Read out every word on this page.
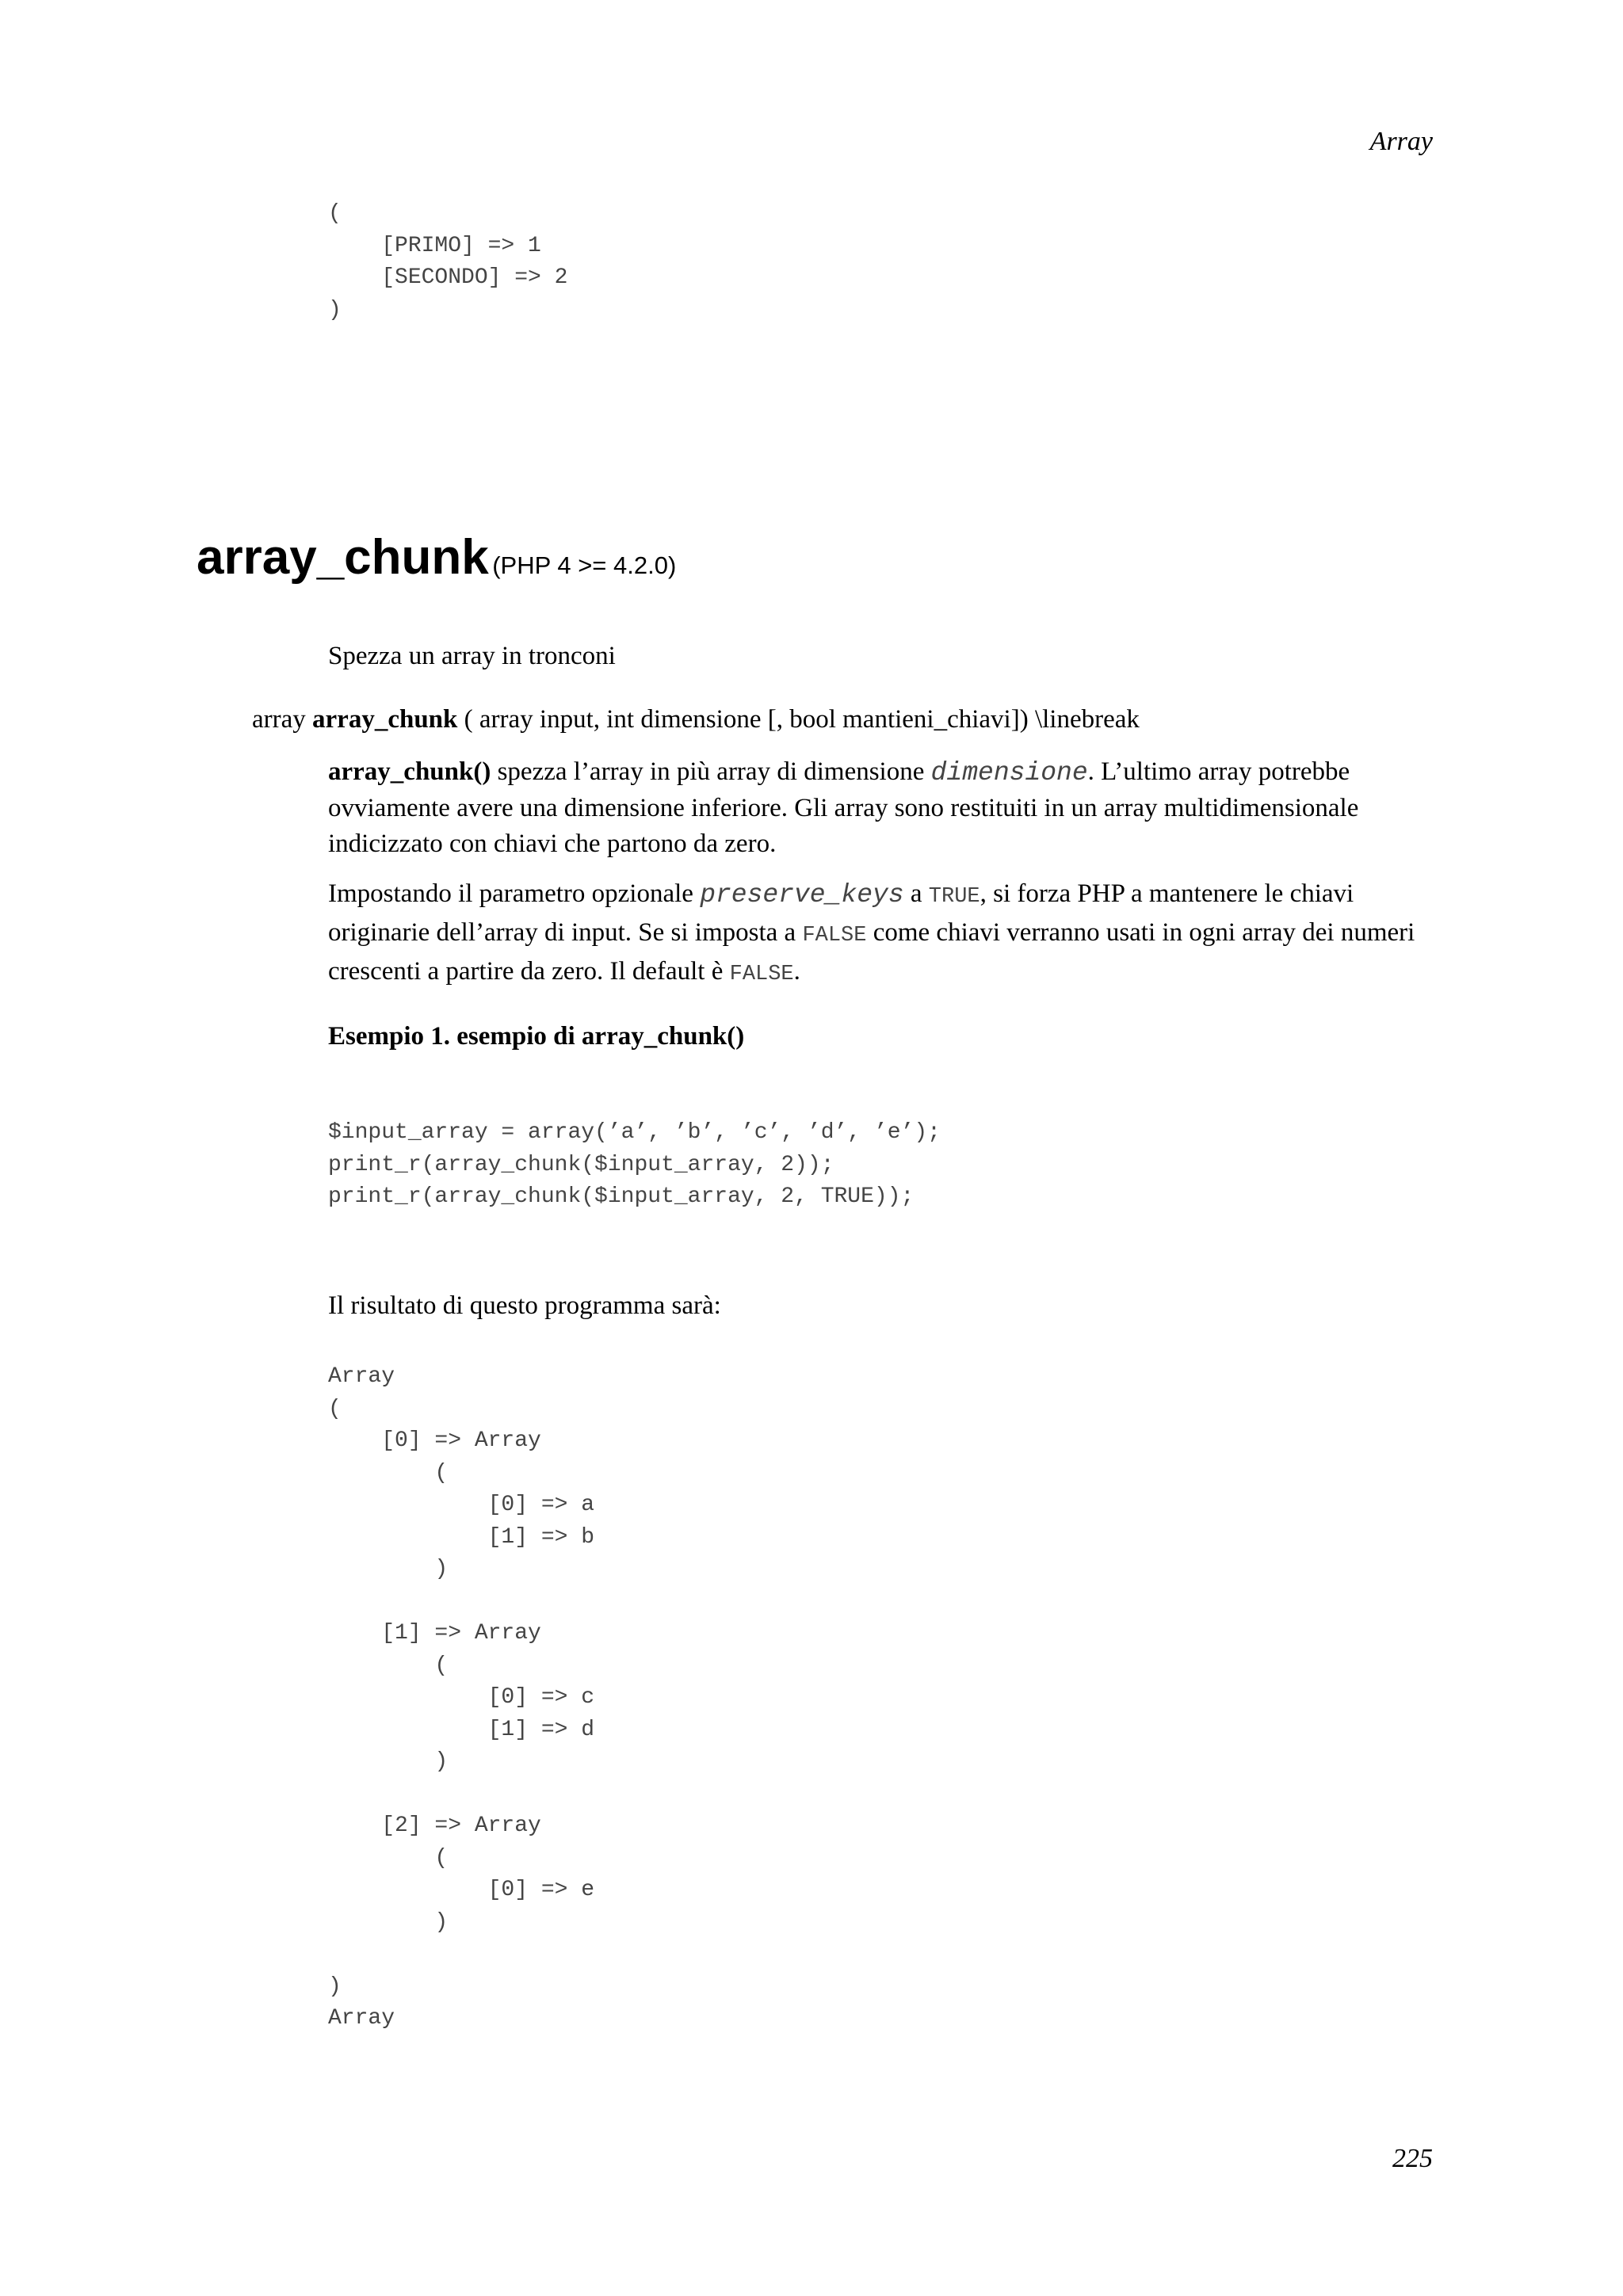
Array
(
[PRIMO] => 1
[SECONDO] => 2
)
array_chunk (PHP 4 >= 4.2.0)
Spezza un array in tronconi
array array_chunk ( array input, int dimensione [, bool mantieni_chiavi]) \linebreak
array_chunk() spezza l’array in più array di dimensione dimensione. L’ultimo array potrebbe ovviamente avere una dimensione inferiore. Gli array sono restituiti in un array multidimensionale indicizzato con chiavi che partono da zero.
Impostando il parametro opzionale preserve_keys a TRUE, si forza PHP a mantenere le chiavi originarie dell’array di input. Se si imposta a FALSE come chiavi verranno usati in ogni array dei numeri crescenti a partire da zero. Il default è FALSE.
Esempio 1. esempio di array_chunk()
$input_array = array(’a’, ’b’, ’c’, ’d’, ’e’);
print_r(array_chunk($input_array, 2));
print_r(array_chunk($input_array, 2, TRUE));
Il risultato di questo programma sarà:
Array
(
[0] => Array
(
[0] => a
[1] => b
)

[1] => Array
(
[0] => c
[1] => d
)

[2] => Array
(
[0] => e
)

)
Array
225
